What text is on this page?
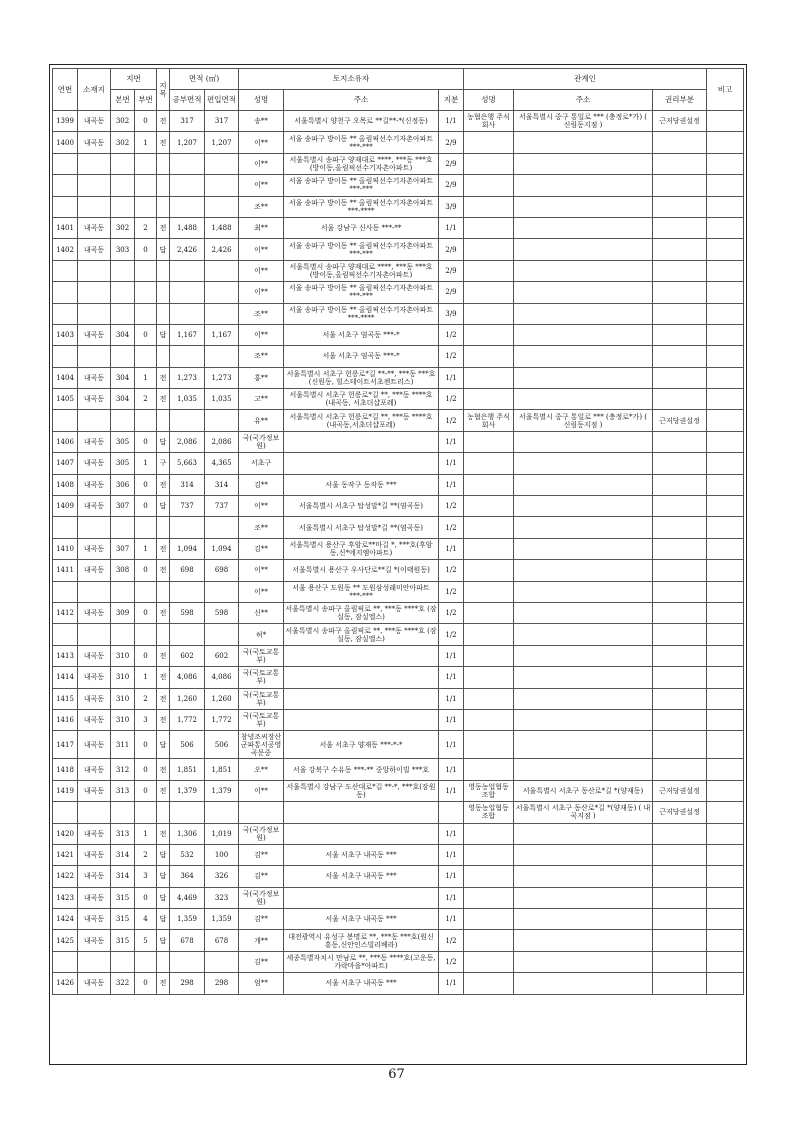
연번	소재지	지번		지목	면적 (㎡)		토지소유자			관계인			비고
		본번	부번		공부면적	편입면적	성명	주소	지분	성명	주소	권리부분	
1399	내곡동	302	0	전	317	317	송**	서울특별시 양천구 오목로 **길**-*(신정동)	1/1	농협은행 주식회사	서울특별시 중구 통일로 *** (충정로*가) ( 신림동지점 )	근저당권설정	
1400	내곡동	302	1	전	1,207	1,207	이**	서울 송파구 방이동 ** 올림픽선수기자촌아파트 ***-***	2/9				
							이**	서울특별시 송파구 양재대로 ****, ***동 ***호(방이동,올림픽선수기자촌아파트)	2/9				
							이**	서울 송파구 방이동 ** 올림픽선수기자촌아파트 ***-***	2/9				
							조**	서울 송파구 방이동 ** 올림픽선수기자촌아파트 ***-****	3/9				
1401	내곡동	302	2	전	1,488	1,488	최**	서울 강남구 신사동 ***-**	1/1				
1402	내곡동	303	0	답	2,426	2,426	이**	서울 송파구 방이동 ** 올림픽선수기자촌아파트 ***-***	2/9				
							이**	서울특별시 송파구 양재대로 ****, ***동 ***호(방이동,올림픽선수기자촌아파트)	2/9				
							이**	서울 송파구 방이동 ** 올림픽선수기자촌아파트 ***-***	2/9				
							조**	서울 송파구 방이동 ** 올림픽선수기자촌아파트 ***-****	3/9				
1403	내곡동	304	0	답	1,167	1,167	이**	서울 서초구 염곡동 ***-*	1/2				
							조**	서울 서초구 염곡동 ***-*	1/2				
1404	내곡동	304	1	전	1,273	1,273	홍**	서울특별시 서초구 헌릉로*길 **-**, ***동 ***호(신원동, 힐스테이트서초젠트리스)	1/1				
1405	내곡동	304	2	전	1,035	1,035	고**	서울특별시 서초구 헌릉로*길 **, ***동 ****호(내곡동, 서초더샵포레)	1/2				
							유**	서울특별시 서초구 헌릉로*길 **, ***동 ****호(내곡동,서초더샵포레)	1/2	농협은행 주식회사	서울특별시 중구 통일로 *** (충정로*가) ( 신림동지점 )	근저당권설정	
1406	내곡동	305	0	답	2,086	2,086	국(국가정보원)		1/1				
1407	내곡동	305	1	구	5,663	4,365	서초구		1/1				
1408	내곡동	306	0	전	314	314	김**	서울 동작구 동작동 ***	1/1				
1409	내곡동	307	0	답	737	737	이**	서울특별시 서초구 탑성말*길 **(염곡동)	1/2				
							조**	서울특별시 서초구 탑성말*길 **(염곡동)	1/2				
1410	내곡동	307	1	전	1,094	1,094	김**	서울특별시 용산구 후암로**마길 *, ***호(후암동,신*에지엠아파트)	1/1				
1411	내곡동	308	0	전	698	698	이**	서울특별시 용산구 우사단로**길 *(이태원동)	1/2				
							이**	서울 용산구 도원동 ** 도원삼성래미안아파트 ***-***	1/2				
1412	내곡동	309	0	전	598	598	신**	서울특별시 송파구 올림픽로 **, ***동 ****호 (잠실동, 잠실엘스)	1/2				
							허*	서울특별시 송파구 올림픽로 **, ***동 ****호 (잠실동, 잠실엘스)	1/2				
1413	내곡동	310	0	전	602	602	국(국토교통부)		1/1				
1414	내곡동	310	1	전	4,086	4,086	국(국토교통부)		1/1				
1415	내곡동	310	2	전	1,260	1,260	국(국토교통부)		1/1				
1416	내곡동	310	3	전	1,772	1,772	국(국토교통부)		1/1				
1417	내곡동	311	0	답	506	506	창녕조씨장산군파통서공영곡문중	서울 서초구 양재동 ***-*-*	1/1				
1418	내곡동	312	0	전	1,851	1,851	오**	서울 강북구 수유동 ***-** 중앙하이빌 ***호	1/1				
1419	내곡동	313	0	전	1,379	1,379	이**	서울특별시 강남구 도산대로*길 **-*, ***호(잠원동)	1/1	영동농업협동조합	서울특별시 서초구 동산로*길 *(양재동)	근저당권설정	
										영동농업협동조합	서울특별시 서초구 동산로*길 *(양재동) ( 내곡지점 )	근저당권설정	
1420	내곡동	313	1	전	1,306	1,019	국(국가정보원)		1/1				
1421	내곡동	314	2	답	532	100	김**	서울 서초구 내곡동 ***	1/1				
1422	내곡동	314	3	답	364	326	김**	서울 서초구 내곡동 ***	1/1				
1423	내곡동	315	0	답	4,469	323	국(국가정보원)		1/1				
1424	내곡동	315	4	답	1,359	1,359	김**	서울 서초구 내곡동 ***	1/1				
1425	내곡동	315	5	답	678	678	개**	대전광역시 유성구 봉명로 **, ***동 ***호(원신흥동,신안인스빌리베라)	1/2				
							김**	세종특별자치시 만남로 **, ***동 ****호(고운동,가락마을*아파트)	1/2				
1426	내곡동	322	0	전	298	298	엄**	서울 서초구 내곡동 ***	1/1				
67
